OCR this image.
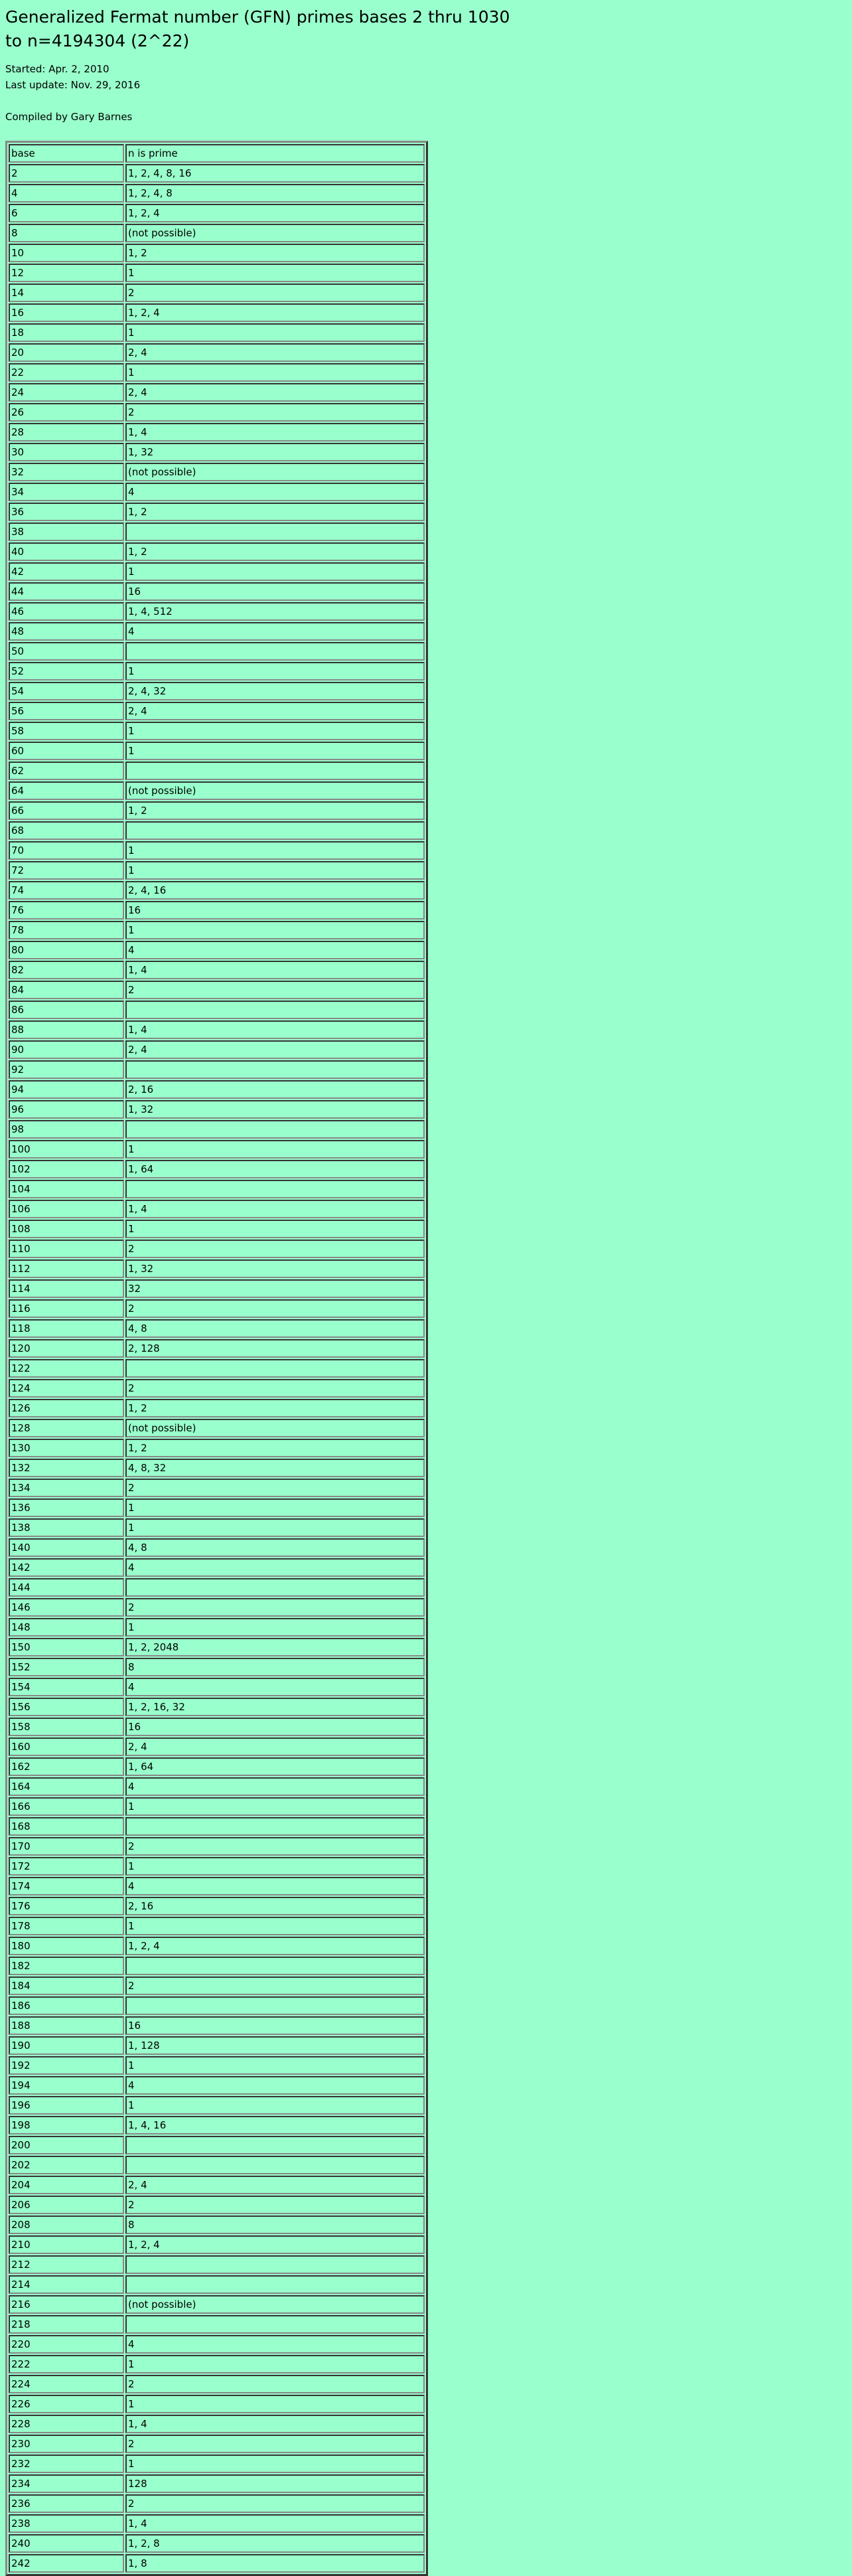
Generalized Fermat number (GFN) primes bases 2 thru 1030
to n=4194304 (2^22)
Started: Apr. 2, 2010
Last update: Nov. 29, 2016
Compiled by Gary Barnes
base	n is prime
2	1, 2, 4, 8, 16
4	1, 2, 4, 8
6	1, 2, 4
8	(not possible)
10	1, 2
12	1
14	2
16	1, 2, 4
18	1
20	2, 4
22	1
24	2, 4
26	2
28	1, 4
30	1, 32
32	(not possible)
34	4
36	1, 2
38	
40	1, 2
42	1
44	16
46	1, 4, 512
48	4
50	
52	1
54	2, 4, 32
56	2, 4
58	1
60	1
62	
64	(not possible)
66	1, 2
68	
70	1
72	1
74	2, 4, 16
76	16
78	1
80	4
82	1, 4
84	2
86	
88	1, 4
90	2, 4
92	
94	2, 16
96	1, 32
98	
100	1
102	1, 64
104	
106	1, 4
108	1
110	2
112	1, 32
114	32
116	2
118	4, 8
120	2, 128
122	
124	2
126	1, 2
128	(not possible)
130	1, 2
132	4, 8, 32
134	2
136	1
138	1
140	4, 8
142	4
144	
146	2
148	1
150	1, 2, 2048
152	8
154	4
156	1, 2, 16, 32
158	16
160	2, 4
162	1, 64
164	4
166	1
168	
170	2
172	1
174	4
176	2, 16
178	1
180	1, 2, 4
182	
184	2
186	
188	16
190	1, 128
192	1
194	4
196	1
198	1, 4, 16
200	
202	
204	2, 4
206	2
208	8
210	1, 2, 4
212	
214	
216	(not possible)
218	
220	4
222	1
224	2
226	1
228	1, 4
230	2
232	1
234	128
236	2
238	1, 4
240	1, 2, 8
242	1, 8
